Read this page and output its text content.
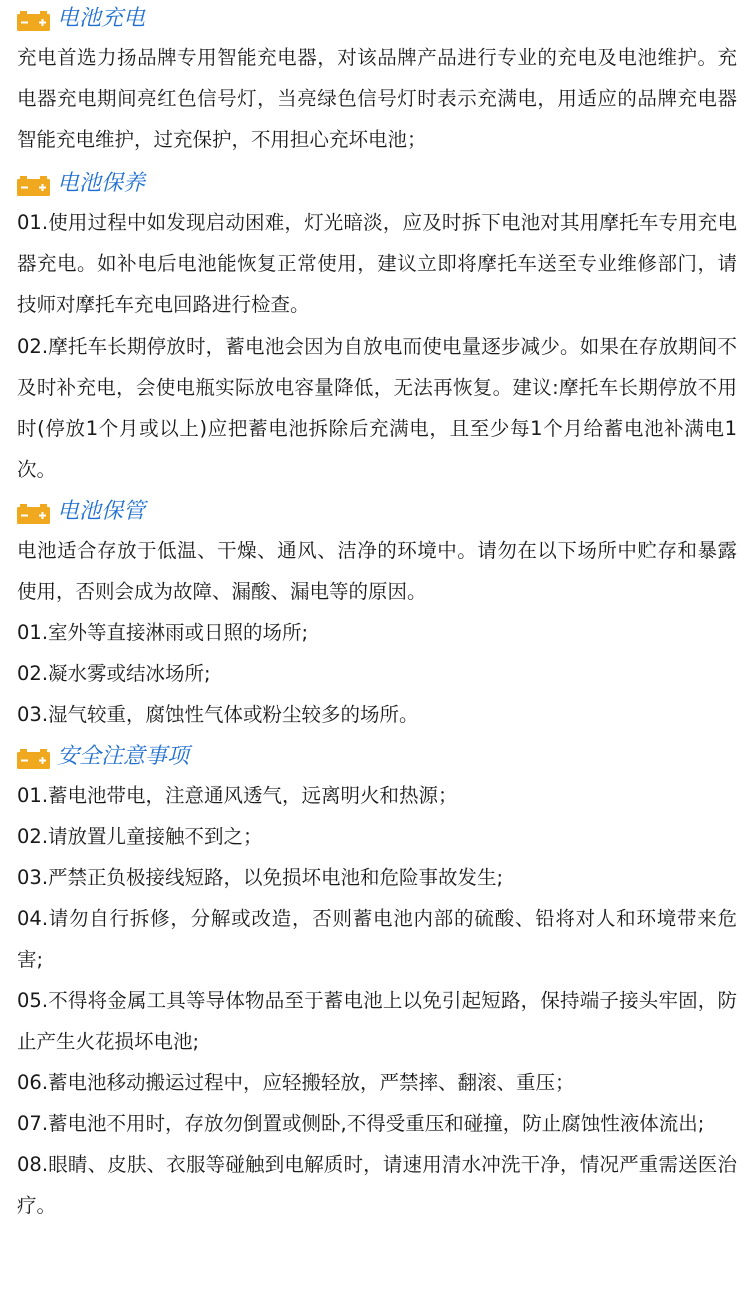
电池充电

充电首选力扬品牌专用智能充电器，对该品牌产品进行专业的充电及电池维护。充电器充电期间亮红色信号灯，当亮绿色信号灯时表示充满电，用适应的品牌充电器智能充电维护，过充保护，不用担心充坏电池；

电池保养

01.使用过程中如发现启动困难，灯光暗淡，应及时拆下电池对其用摩托车专用充电器充电。如补电后电池能恢复正常使用，建议立即将摩托车送至专业维修部门，请技师对摩托车充电回路进行检查。

02.摩托车长期停放时，蓄电池会因为自放电而使电量逐步减少。如果在存放期间不及时补充电，会使电瓶实际放电容量降低，无法再恢复。建议:摩托车长期停放不用时(停放1个月或以上)应把蓄电池拆除后充满电，且至少每1个月给蓄电池补满电1次。

电池保管

电池适合存放于低温、干燥、通风、洁净的环境中。请勿在以下场所中贮存和暴露使用，否则会成为故障、漏酸、漏电等的原因。

01.室外等直接淋雨或日照的场所;

02.凝水雾或结冰场所;

03.湿气较重，腐蚀性气体或粉尘较多的场所。

安全注意事项

01.蓄电池带电，注意通风透气，远离明火和热源；

02.请放置儿童接触不到之；

03.严禁正负极接线短路，以免损坏电池和危险事故发生;

04.请勿自行拆修，分解或改造，否则蓄电池内部的硫酸、铅将对人和环境带来危害;

05.不得将金属工具等导体物品至于蓄电池上以免引起短路，保持端子接头牢固，防止产生火花损坏电池;

06.蓄电池移动搬运过程中，应轻搬轻放，严禁摔、翻滚、重压；

07.蓄电池不用时，存放勿倒置或侧卧,不得受重压和碰撞，防止腐蚀性液体流出;

08.眼睛、皮肤、衣服等碰触到电解质时，请速用清水冲洗干净，情况严重需送医治疗。
